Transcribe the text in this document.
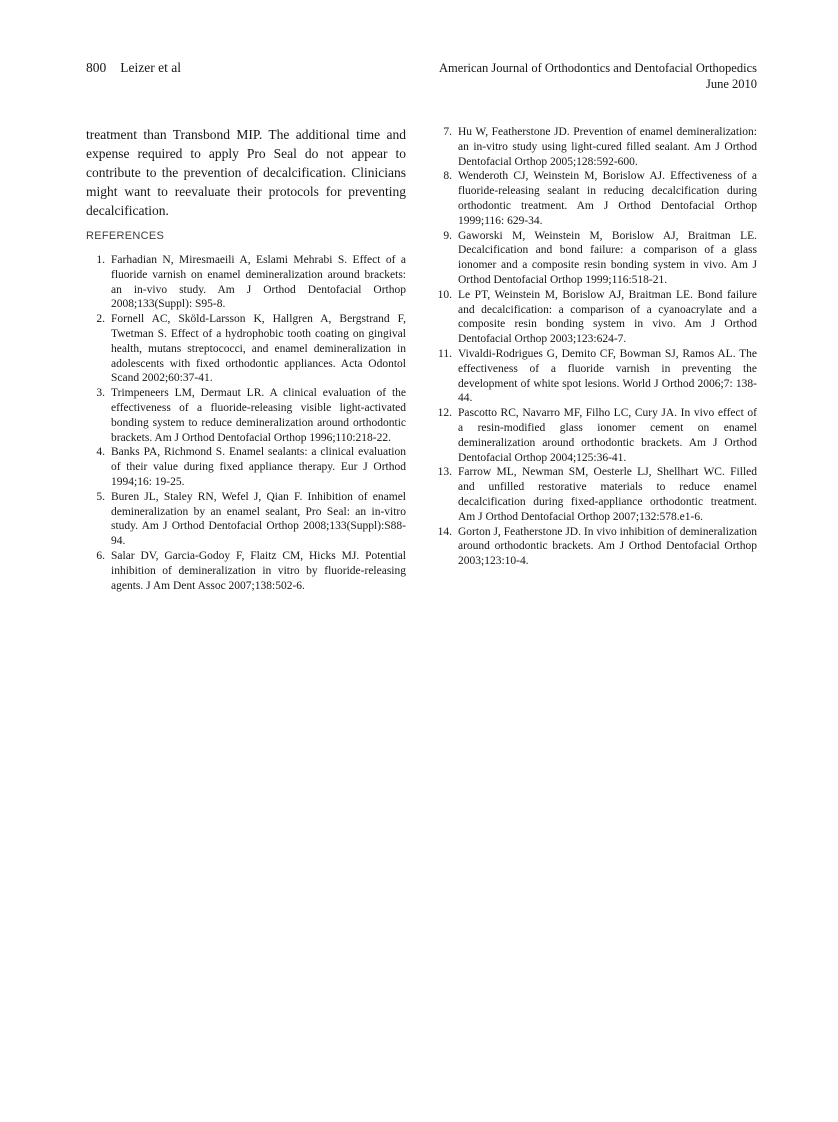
800 Leizer et al	American Journal of Orthodontics and Dentofacial Orthopedics
June 2010

treatment than Transbond MIP. The additional time and expense required to apply Pro Seal do not appear to contribute to the prevention of decalcification. Clinicians might want to reevaluate their protocols for preventing decalcification.

REFERENCES
1. Farhadian N, Miresmaeili A, Eslami Mehrabi S. Effect of a fluoride varnish on enamel demineralization around brackets: an in-vivo study. Am J Orthod Dentofacial Orthop 2008;133(Suppl): S95-8.
2. Fornell AC, Sköld-Larsson K, Hallgren A, Bergstrand F, Twetman S. Effect of a hydrophobic tooth coating on gingival health, mutans streptococci, and enamel demineralization in adolescents with fixed orthodontic appliances. Acta Odontol Scand 2002;60:37-41.
3. Trimpeneers LM, Dermaut LR. A clinical evaluation of the effectiveness of a fluoride-releasing visible light-activated bonding system to reduce demineralization around orthodontic brackets. Am J Orthod Dentofacial Orthop 1996;110:218-22.
4. Banks PA, Richmond S. Enamel sealants: a clinical evaluation of their value during fixed appliance therapy. Eur J Orthod 1994;16: 19-25.
5. Buren JL, Staley RN, Wefel J, Qian F. Inhibition of enamel demineralization by an enamel sealant, Pro Seal: an in-vitro study. Am J Orthod Dentofacial Orthop 2008;133(Suppl):S88-94.
6. Salar DV, Garcia-Godoy F, Flaitz CM, Hicks MJ. Potential inhibition of demineralization in vitro by fluoride-releasing agents. J Am Dent Assoc 2007;138:502-6.
7. Hu W, Featherstone JD. Prevention of enamel demineralization: an in-vitro study using light-cured filled sealant. Am J Orthod Dentofacial Orthop 2005;128:592-600.
8. Wenderoth CJ, Weinstein M, Borislow AJ. Effectiveness of a fluoride-releasing sealant in reducing decalcification during orthodontic treatment. Am J Orthod Dentofacial Orthop 1999;116: 629-34.
9. Gaworski M, Weinstein M, Borislow AJ, Braitman LE. Decalcification and bond failure: a comparison of a glass ionomer and a composite resin bonding system in vivo. Am J Orthod Dentofacial Orthop 1999;116:518-21.
10. Le PT, Weinstein M, Borislow AJ, Braitman LE. Bond failure and decalcification: a comparison of a cyanoacrylate and a composite resin bonding system in vivo. Am J Orthod Dentofacial Orthop 2003;123:624-7.
11. Vivaldi-Rodrigues G, Demito CF, Bowman SJ, Ramos AL. The effectiveness of a fluoride varnish in preventing the development of white spot lesions. World J Orthod 2006;7: 138-44.
12. Pascotto RC, Navarro MF, Filho LC, Cury JA. In vivo effect of a resin-modified glass ionomer cement on enamel demineralization around orthodontic brackets. Am J Orthod Dentofacial Orthop 2004;125:36-41.
13. Farrow ML, Newman SM, Oesterle LJ, Shellhart WC. Filled and unfilled restorative materials to reduce enamel decalcification during fixed-appliance orthodontic treatment. Am J Orthod Dentofacial Orthop 2007;132:578.e1-6.
14. Gorton J, Featherstone JD. In vivo inhibition of demineralization around orthodontic brackets. Am J Orthod Dentofacial Orthop 2003;123:10-4.
